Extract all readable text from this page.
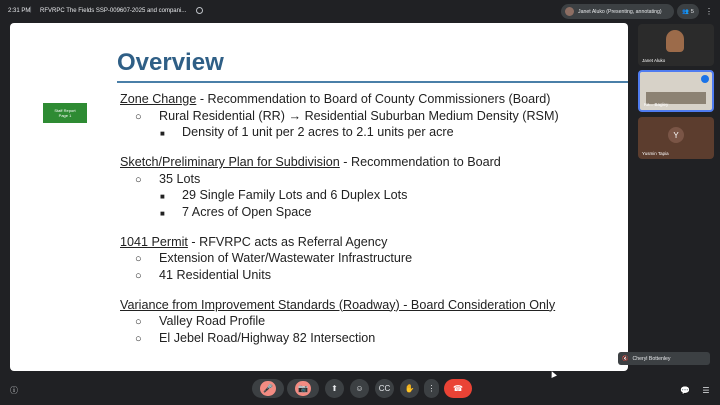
2:31 PM | RFVRPC The Fields SSP-009607-2025 and compani...	Janet Aluko (Presenting, annotating)	👥 5 ⋮
Overview
Staff Report
Page 1
Zone Change - Recommendation to Board of County Commissioners (Board)
○ Rural Residential (RR) → Residential Suburban Medium Density (RSM)
■ Density of 1 unit per 2 acres to 2.1 units per acre
Sketch/Preliminary Plan for Subdivision - Recommendation to Board
○ 35 Lots
■ 29 Single Family Lots and 6 Duplex Lots
■ 7 Acres of Open Space
1041 Permit - RFVRPC acts as Referral Agency
○ Extension of Water/Wastewater Infrastructure
○ 41 Residential Units
Variance from Improvement Standards (Roadway) - Board Consideration Only
○ Valley Road Profile
○ El Jebel Road/Highway 82 Intersection
Janet Aluko
Ka... Bagley
Y
Yusmin Tapia
🔇 Cheryl Bottenley
ⓘ	🎤	📷	⬆ ☺ CC ✋ ⋮ ☎	💬	☰
